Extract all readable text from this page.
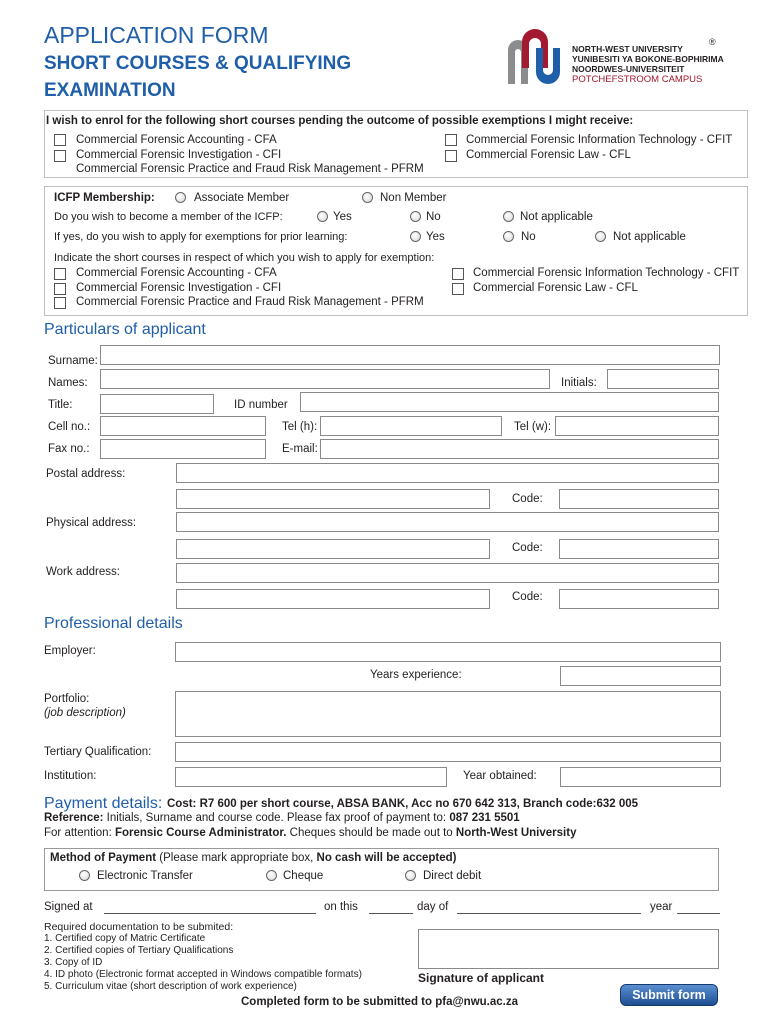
APPLICATION FORM
SHORT COURSES & QUALIFYING
EXAMINATION
NORTH-WEST UNIVERSITY
YUNIBESITI YA BOKONE-BOPHIRIMA
NOORDWES-UNIVERSITEIT
POTCHEFSTROOM CAMPUS
®
I wish to enrol for the following short courses pending the outcome of possible exemptions I might receive:
Commercial Forensic Accounting - CFA
Commercial Forensic Investigation - CFI
Commercial Forensic Practice and Fraud Risk Management - PFRM
Commercial Forensic Information Technology - CFIT
Commercial Forensic Law - CFL
ICFP Membership:	Associate Member	Non Member
Do you wish to become a member of the ICFP:	Yes	No	Not applicable
If yes, do you wish to apply for exemptions for prior learning:	Yes	No	Not applicable
Indicate the short courses in respect of which you wish to apply for exemption:
Commercial Forensic Accounting - CFA
Commercial Forensic Investigation - CFI
Commercial Forensic Practice and Fraud Risk Management - PFRM
Commercial Forensic Information Technology - CFIT
Commercial Forensic Law - CFL
Particulars of applicant
Surname:
Names:	Initials:
Title:	ID number
Cell no.:	Tel (h):	Tel (w):
Fax no.:	E-mail:
Postal address:
Code:
Physical address:
Code:
Work address:
Code:
Professional details
Employer:
Years experience:
Portfolio:
(job description)
Tertiary Qualification:
Institution:	Year obtained:
Payment details: Cost: R7 600 per short course, ABSA BANK, Acc no 670 642 313, Branch code:632 005
Reference: Initials, Surname and course code. Please fax proof of payment to: 087 231 5501
For attention: Forensic Course Administrator. Cheques should be made out to North-West University
Method of Payment (Please mark appropriate box, No cash will be accepted)
Electronic Transfer	Cheque	Direct debit
Signed at	on this	day of	year
Required documentation to be submited:
1. Certified copy of Matric Certificate
2. Certified copies of Tertiary Qualifications
3. Copy of ID
4. ID photo (Electronic format accepted in Windows compatible formats)
5. Curriculum vitae (short description of work experience)
Signature of applicant
Completed form to be submitted to pfa@nwu.ac.za	Submit form
